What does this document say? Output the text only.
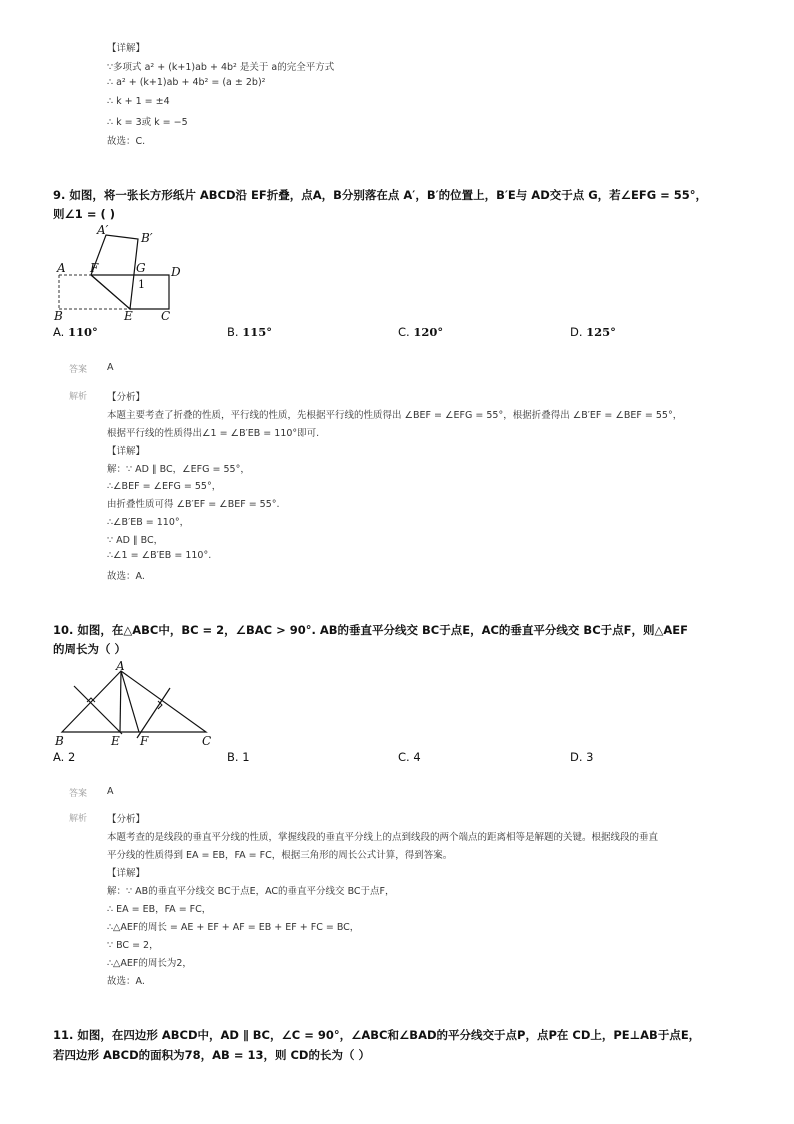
【详解】
∵多项式 a² + (k+1)ab + 4b² 是关于 a的完全平方式
∴ a² + (k+1)ab + 4b² = (a ± 2b)²
∴ k + 1 = ±4
∴ k = 3或 k = −5
故选：C.
9. 如图，将一张长方形纸片 ABCD沿 EF折叠，点A，B分别落在点 A′，B′的位置上，B′E与 AD交于点 G，若∠EFG = 55°，
则∠1 = ( )
A′
B′
A F	G D
1
B	E C
A. 110°	B. 115°	C. 120°	D. 125°
答案 A
解析 【分析】
本题主要考查了折叠的性质，平行线的性质，先根据平行线的性质得出 ∠BEF = ∠EFG = 55°，根据折叠得出 ∠B′EF = ∠BEF = 55°，
根据平行线的性质得出∠1 = ∠B′EB = 110°即可.
【详解】
解：∵ AD ∥ BC，∠EFG = 55°，
∴∠BEF = ∠EFG = 55°，
由折叠性质可得 ∠B′EF = ∠BEF = 55°.
∴∠B′EB = 110°，
∵ AD ∥ BC，
∴∠1 = ∠B′EB = 110°.
故选：A.
10. 如图，在△ABC中，BC = 2，∠BAC > 90°. AB的垂直平分线交 BC于点E，AC的垂直平分线交 BC于点F，则△AEF
的周长为（ ）
A
B	E F	C
A. 2	B. 1	C. 4	D. 3
答案 A
解析 【分析】
本题考查的是线段的垂直平分线的性质，掌握线段的垂直平分线上的点到线段的两个端点的距离相等是解题的关键。根据线段的垂直
平分线的性质得到 EA = EB，FA = FC，根据三角形的周长公式计算，得到答案。
【详解】
解：∵ AB的垂直平分线交 BC于点E，AC的垂直平分线交 BC于点F，
∴ EA = EB，FA = FC，
∴△AEF的周长 = AE + EF + AF = EB + EF + FC = BC，
∵ BC = 2，
∴△AEF的周长为2，
故选：A.
11. 如图，在四边形 ABCD中，AD ∥ BC，∠C = 90°，∠ABC和∠BAD的平分线交于点P，点P在 CD上，PE⊥AB于点E，
若四边形 ABCD的面积为78，AB = 13，则 CD的长为（ ）
